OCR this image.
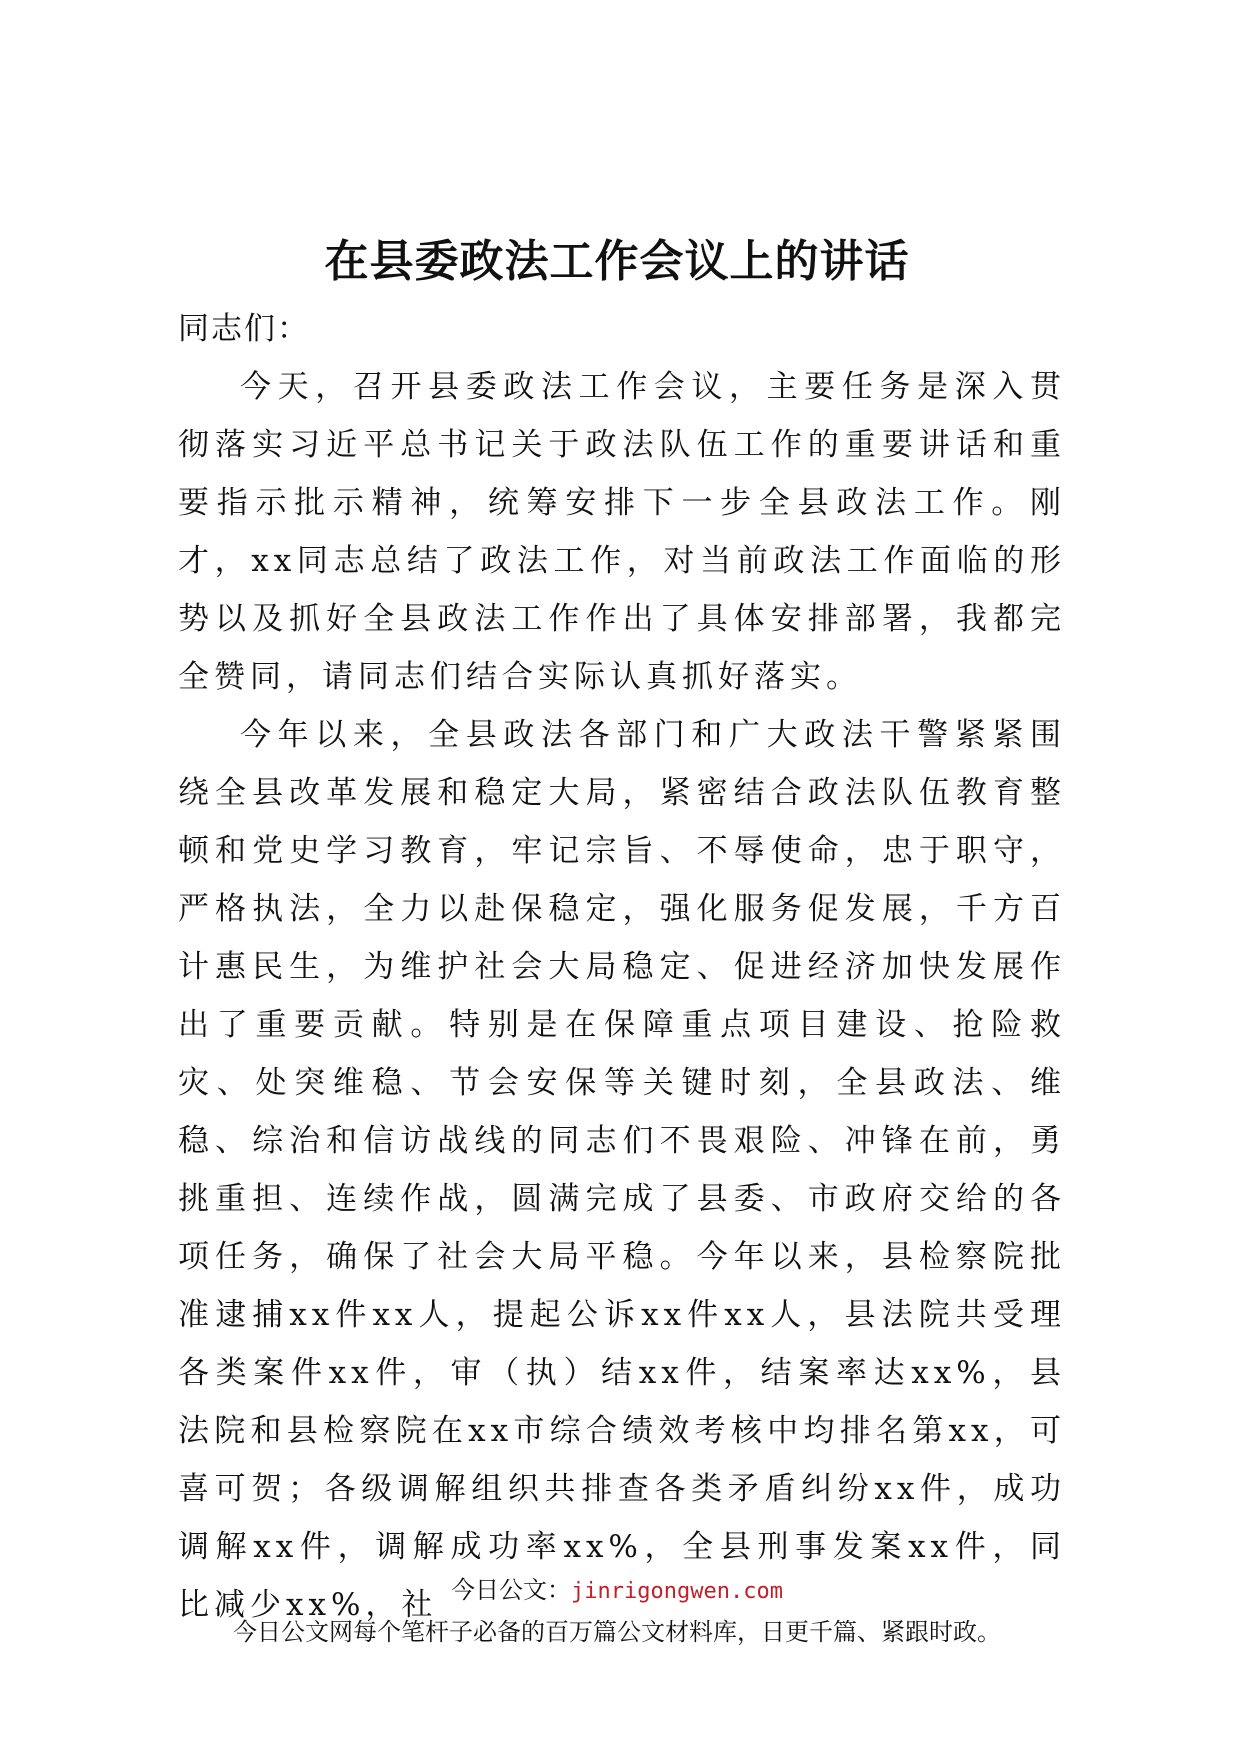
在县委政法工作会议上的讲话

同志们：

今天，召开县委政法工作会议，主要任务是深入贯彻落实习近平总书记关于政法队伍工作的重要讲话和重要指示批示精神，统筹安排下一步全县政法工作。刚才，xx同志总结了政法工作，对当前政法工作面临的形势以及抓好全县政法工作作出了具体安排部署，我都完全赞同，请同志们结合实际认真抓好落实。

今年以来，全县政法各部门和广大政法干警紧紧围绕全县改革发展和稳定大局，紧密结合政法队伍教育整顿和党史学习教育，牢记宗旨、不辱使命，忠于职守，严格执法，全力以赴保稳定，强化服务促发展，千方百计惠民生，为维护社会大局稳定、促进经济加快发展作出了重要贡献。特别是在保障重点项目建设、抢险救灾、处突维稳、节会安保等关键时刻，全县政法、维稳、综治和信访战线的同志们不畏艰险、冲锋在前，勇挑重担、连续作战，圆满完成了县委、市政府交给的各项任务，确保了社会大局平稳。今年以来，县检察院批准逮捕xx件xx人，提起公诉xx件xx人，县法院共受理各类案件xx件，审（执）结xx件，结案率达xx%，县法院和县检察院在xx市综合绩效考核中均排名第xx，可喜可贺；各级调解组织共排查各类矛盾纠纷xx件，成功调解xx件，调解成功率xx%，全县刑事发案xx件，同比减少xx%，社 今日公文：jinrigongwen.com
今日公文网每个笔杆子必备的百万篇公文材料库，日更千篇、紧跟时政。
